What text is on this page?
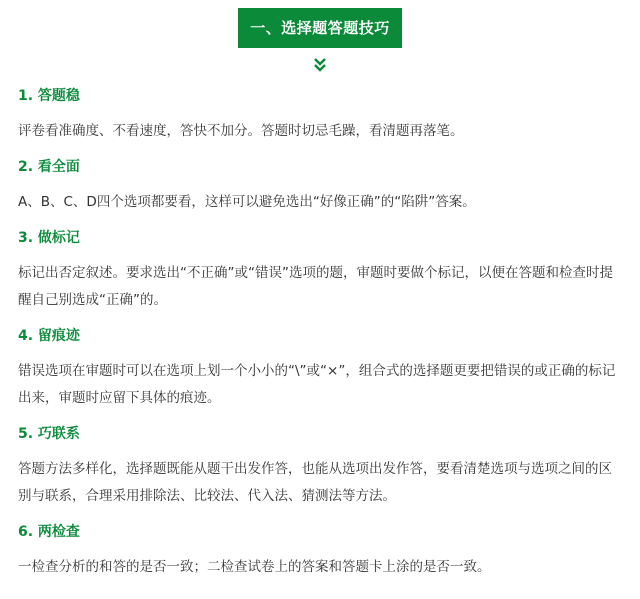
一、选择题答题技巧
1. 答题稳
评卷看准确度、不看速度，答快不加分。答题时切忌毛躁，看清题再落笔。
2. 看全面
A、B、C、D四个选项都要看，这样可以避免选出“好像正确”的“陷阱”答案。
3. 做标记
标记出否定叙述。要求选出“不正确”或“错误”选项的题，审题时要做个标记，以便在答题和检查时提醒自己别选成“正确”的。
4. 留痕迹
错误选项在审题时可以在选项上划一个小小的“\”或“×”，组合式的选择题更要把错误的或正确的标记出来，审题时应留下具体的痕迹。
5. 巧联系
答题方法多样化，选择题既能从题干出发作答，也能从选项出发作答，要看清楚选项与选项之间的区别与联系，合理采用排除法、比较法、代入法、猜测法等方法。
6. 两检查
一检查分析的和答的是否一致；二检查试卷上的答案和答题卡上涂的是否一致。
